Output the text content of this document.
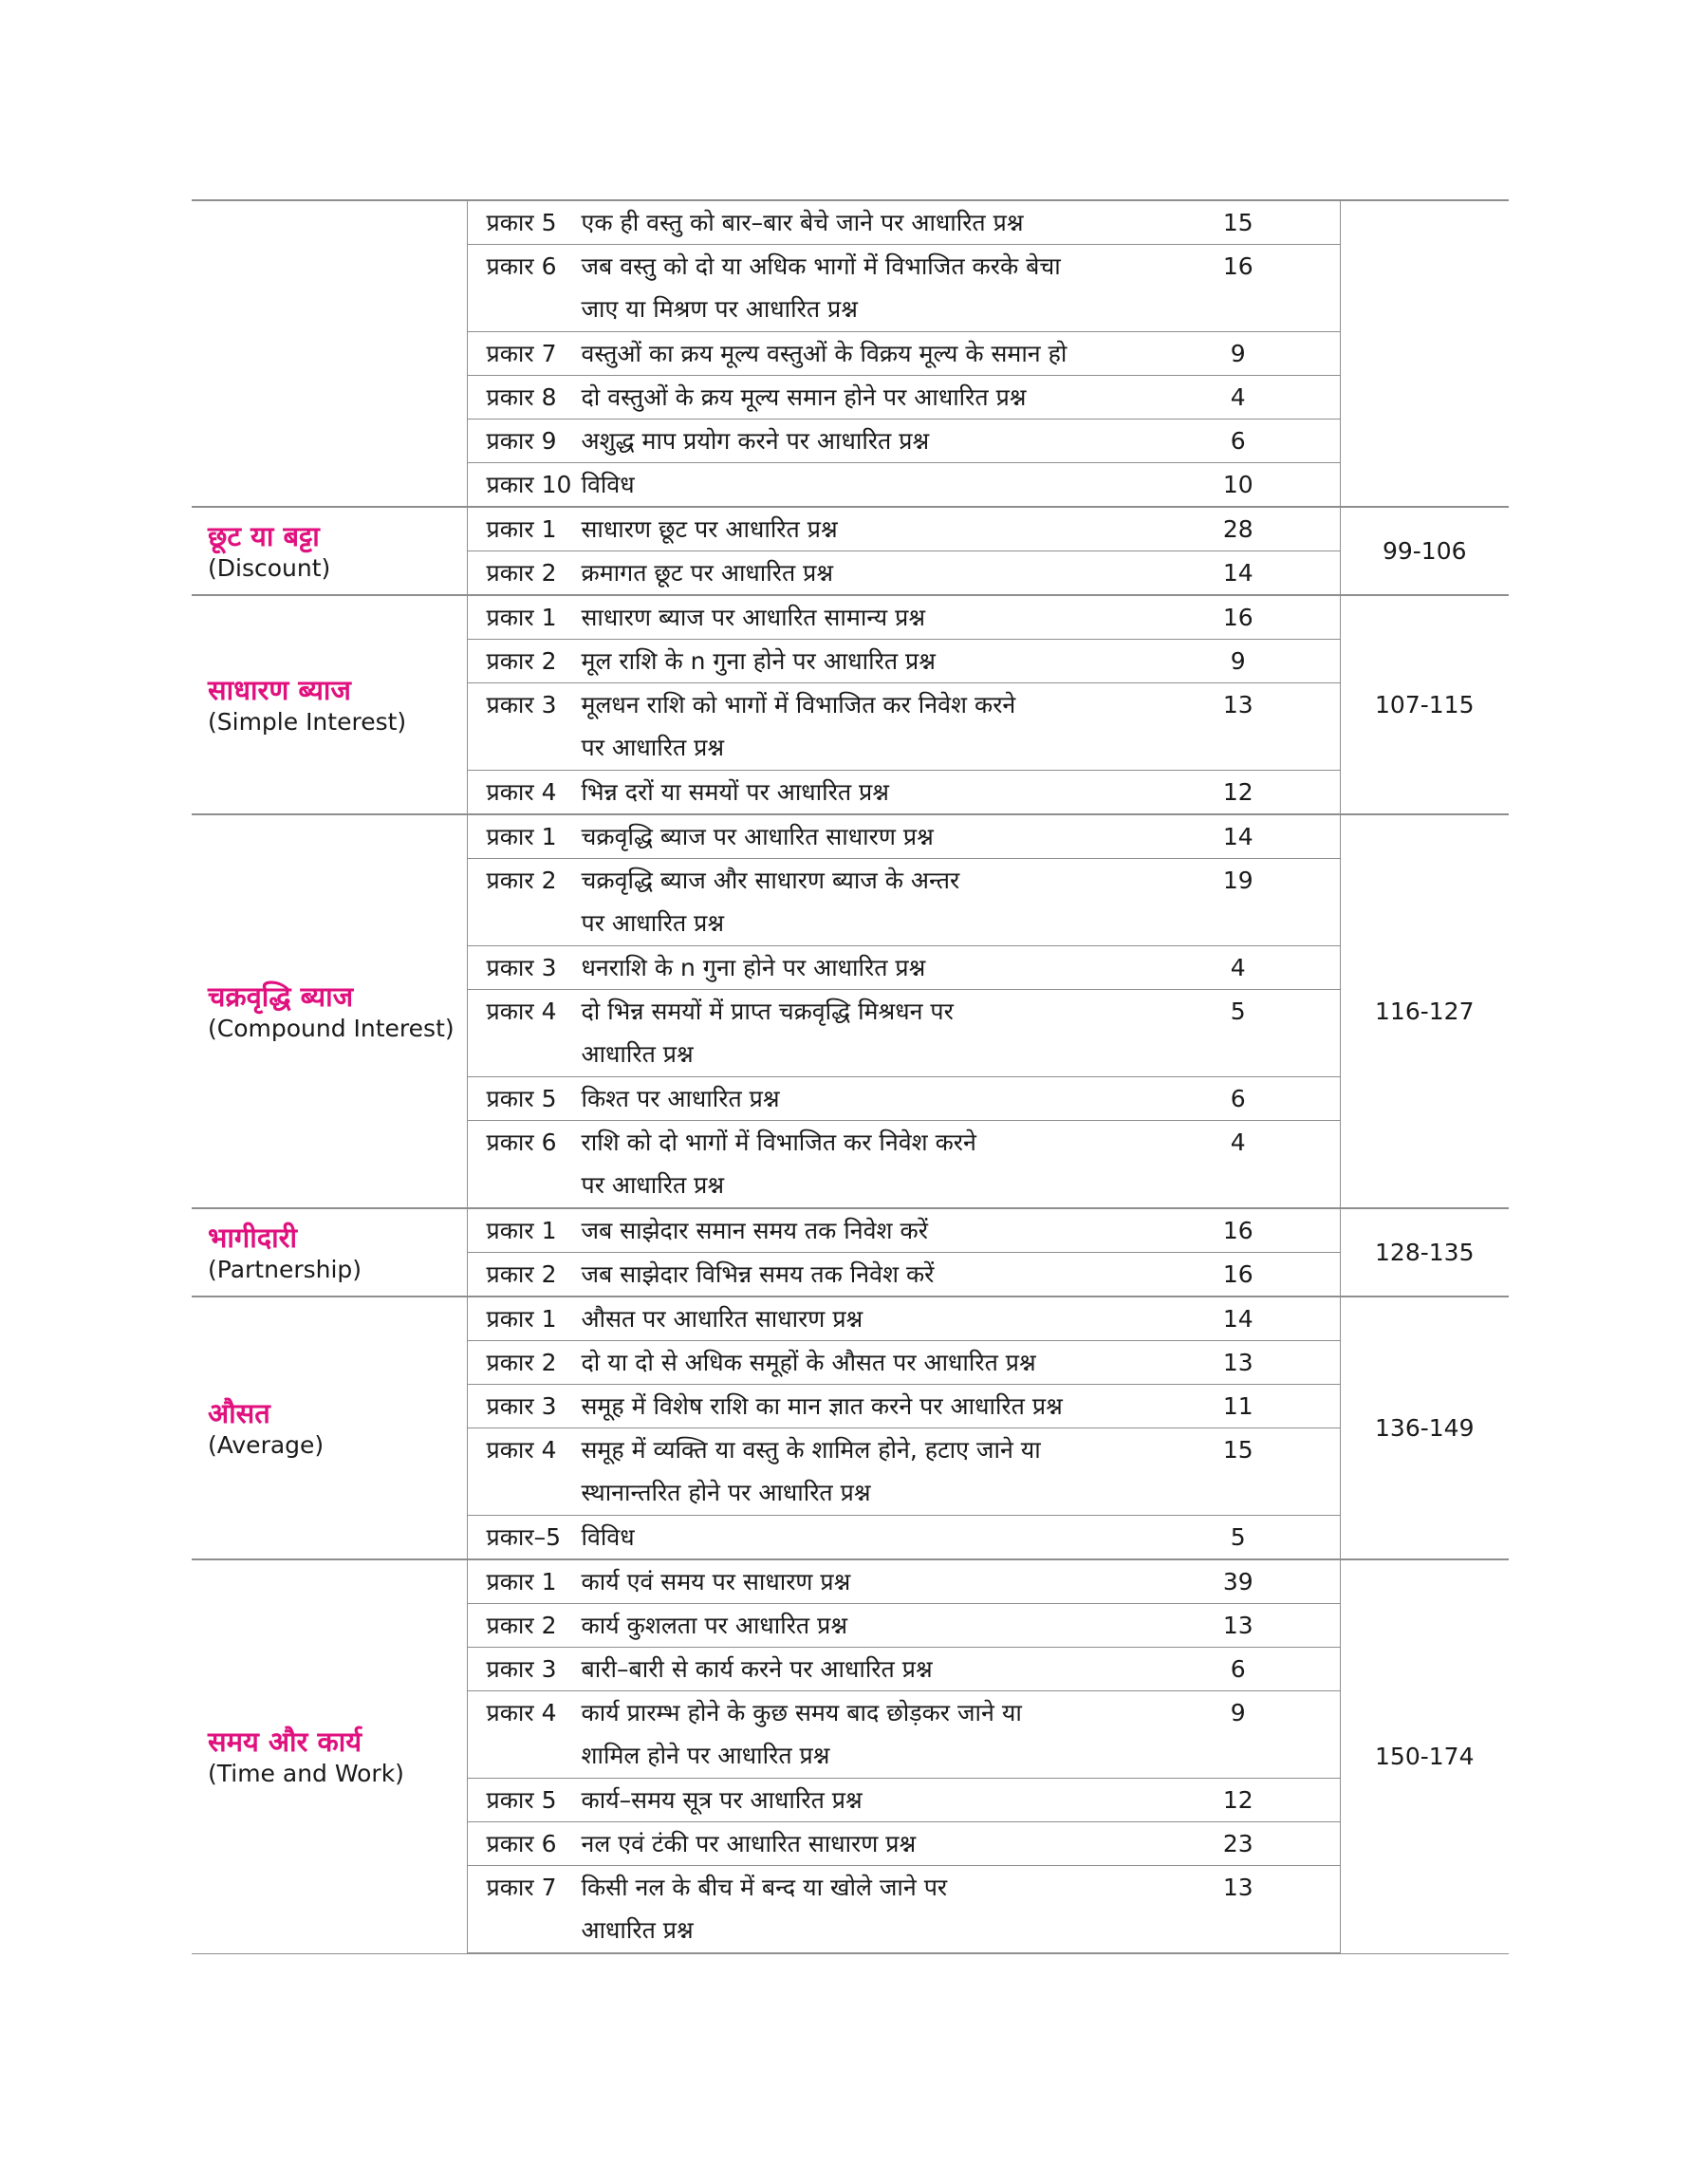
	प्रकार 5 एक ही वस्तु को बार–बार बेचे जाने पर आधारित प्रश्न	15	

	प्रकार 6 जब वस्तु को दो या अधिक भागों में विभाजित करके बेचा
जाए या मिश्रण पर आधारित प्रश्न	16	

	प्रकार 7 वस्तुओं का क्रय मूल्य वस्तुओं के विक्रय मूल्य के समान हो	9	

	प्रकार 8 दो वस्तुओं के क्रय मूल्य समान होने पर आधारित प्रश्न	4	

	प्रकार 9 अशुद्ध माप प्रयोग करने पर आधारित प्रश्न	6	

	प्रकार 10 विविध	10	

छूट या बट्टा
(Discount)	प्रकार 1 साधारण छूट पर आधारित प्रश्न	28	99-106

	प्रकार 2 क्रमागत छूट पर आधारित प्रश्न	14	

साधारण ब्याज
(Simple Interest)	प्रकार 1 साधारण ब्याज पर आधारित सामान्य प्रश्न	16	107-115

	प्रकार 2 मूल राशि के n गुना होने पर आधारित प्रश्न	9	

	प्रकार 3 मूलधन राशि को भागों में विभाजित कर निवेश करने
पर आधारित प्रश्न	13	

	प्रकार 4 भिन्न दरों या समयों पर आधारित प्रश्न	12	

चक्रवृद्धि ब्याज
(Compound Interest)	प्रकार 1 चक्रवृद्धि ब्याज पर आधारित साधारण प्रश्न	14	116-127

	प्रकार 2 चक्रवृद्धि ब्याज और साधारण ब्याज के अन्तर
पर आधारित प्रश्न	19	

	प्रकार 3 धनराशि के n गुना होने पर आधारित प्रश्न	4	

	प्रकार 4 दो भिन्न समयों में प्राप्त चक्रवृद्धि मिश्रधन पर
आधारित प्रश्न	5	

	प्रकार 5 किश्त पर आधारित प्रश्न	6	

	प्रकार 6 राशि को दो भागों में विभाजित कर निवेश करने
पर आधारित प्रश्न	4	

भागीदारी
(Partnership)	प्रकार 1 जब साझेदार समान समय तक निवेश करें	16	128-135

	प्रकार 2 जब साझेदार विभिन्न समय तक निवेश करें	16	

औसत
(Average)	प्रकार 1 औसत पर आधारित साधारण प्रश्न	14	136-149

	प्रकार 2 दो या दो से अधिक समूहों के औसत पर आधारित प्रश्न	13	

	प्रकार 3 समूह में विशेष राशि का मान ज्ञात करने पर आधारित प्रश्न	11	

	प्रकार 4 समूह में व्यक्ति या वस्तु के शामिल होने, हटाए जाने या
स्थानान्तरित होने पर आधारित प्रश्न	15	

	प्रकार–5 विविध	5	

समय और कार्य
(Time and Work)	प्रकार 1 कार्य एवं समय पर साधारण प्रश्न	39	150-174

	प्रकार 2 कार्य कुशलता पर आधारित प्रश्न	13	

	प्रकार 3 बारी–बारी से कार्य करने पर आधारित प्रश्न	6	

	प्रकार 4 कार्य प्रारम्भ होने के कुछ समय बाद छोड़कर जाने या
शामिल होने पर आधारित प्रश्न	9	

	प्रकार 5 कार्य–समय सूत्र पर आधारित प्रश्न	12	

	प्रकार 6 नल एवं टंकी पर आधारित साधारण प्रश्न	23	

	प्रकार 7 किसी नल के बीच में बन्द या खोले जाने पर
आधारित प्रश्न	13	
